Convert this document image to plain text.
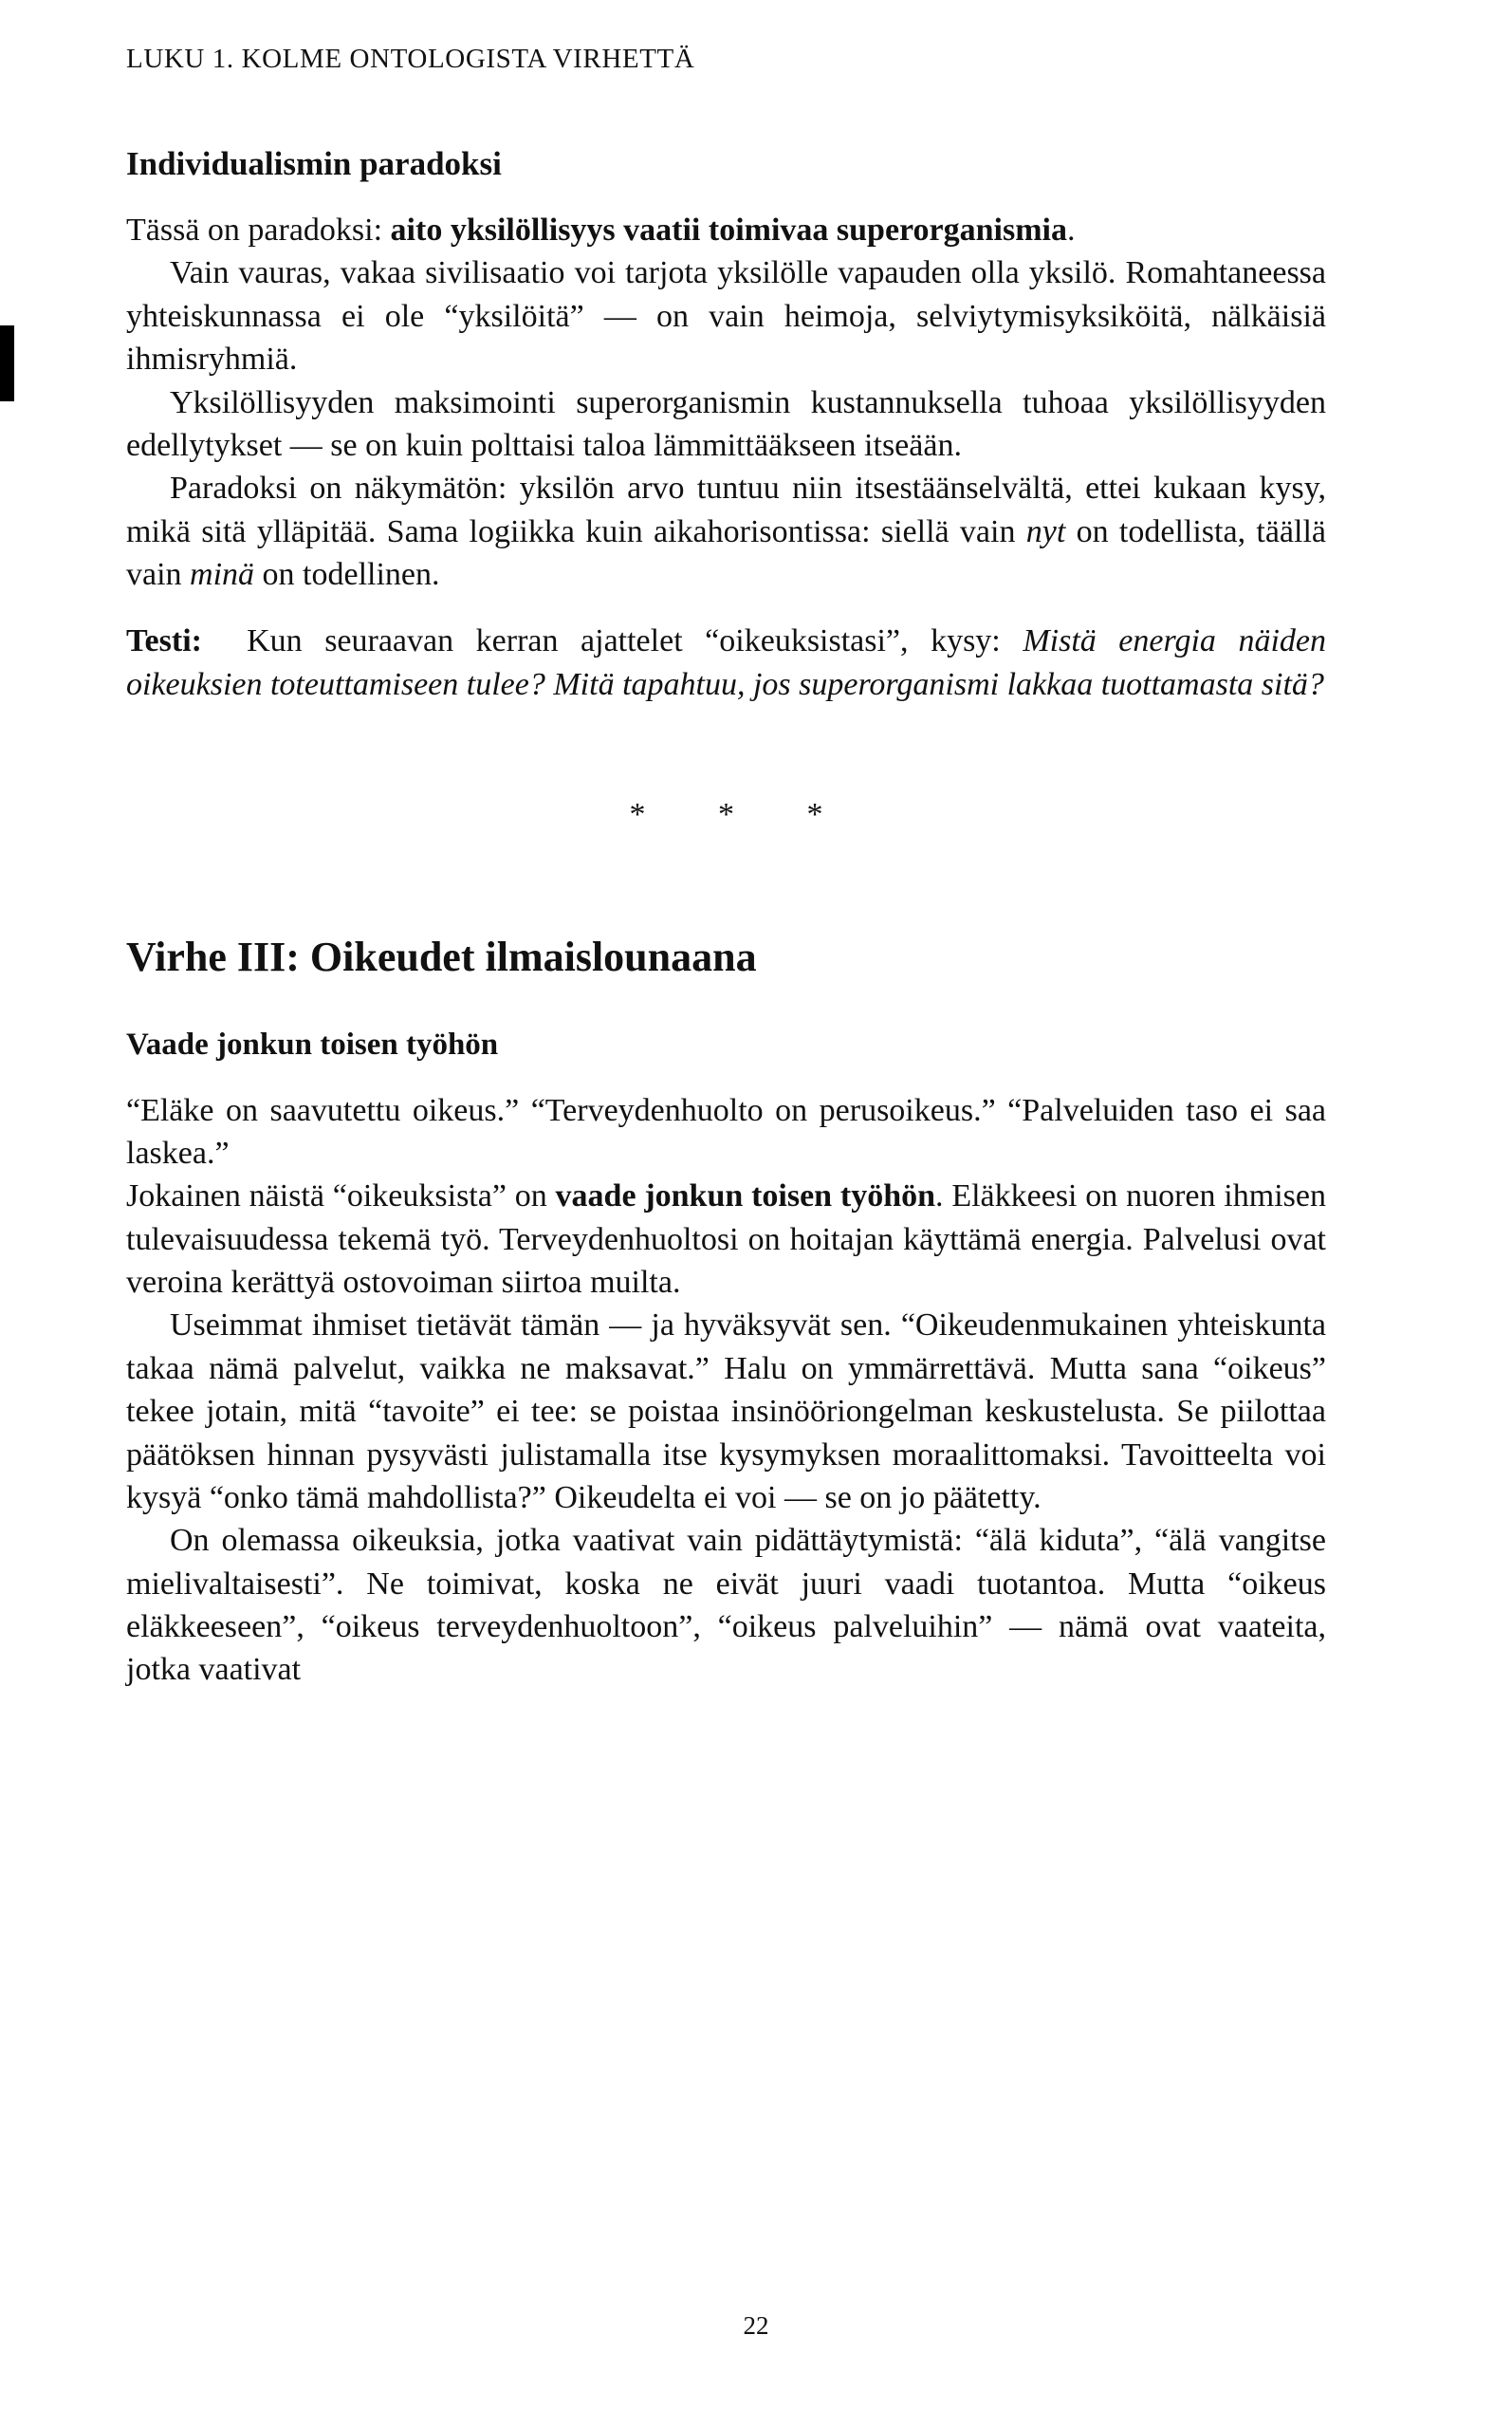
LUKU 1. KOLME ONTOLOGISTA VIRHETTÄ
Individualismin paradoksi

Tässä on paradoksi: aito yksilöllisyys vaatii toimivaa superorganismia.

Vain vauras, vakaa sivilisaatio voi tarjota yksilölle vapauden olla yksilö. Romahtaneessa yhteiskunnassa ei ole “yksilöitä” — on vain heimoja, selviytymisyksiköitä, nälkäisiä ihmisryhmiä.

Yksilöllisyyden maksimointi superorganismin kustannuksella tuhoaa yksilöllisyyden edellytykset — se on kuin polttaisi taloa lämmittääkseen itseään.

Paradoksi on näkymätön: yksilön arvo tuntuu niin itsestäänselvältä, ettei kukaan kysy, mikä sitä ylläpitää. Sama logiikka kuin aikahorisontissa: siellä vain nyt on todellista, täällä vain minä on todellinen.

Testi: Kun seuraavan kerran ajattelet “oikeuksistasi”, kysy: Mistä energia näiden oikeuksien toteuttamiseen tulee? Mitä tapahtuu, jos superorganismi lakkaa tuottamasta sitä?

* * *
Virhe III: Oikeudet ilmaislounaana
Vaade jonkun toisen työhön

“Eläke on saavutettu oikeus.” “Terveydenhuolto on perusoikeus.” “Palveluiden taso ei saa laskea.”

Jokainen näistä “oikeuksista” on vaade jonkun toisen työhön. Eläkkeesi on nuoren ihmisen tulevaisuudessa tekemä työ. Terveydenhuoltosi on hoitajan käyttämä energia. Palvelusi ovat veroina kerättyä ostovoiman siirtoa muilta.

Useimmat ihmiset tietävät tämän — ja hyväksyvät sen. “Oikeudenmukainen yhteiskunta takaa nämä palvelut, vaikka ne maksavat.” Halu on ymmärrettävä. Mutta sana “oikeus” tekee jotain, mitä “tavoite” ei tee: se poistaa insinööriongelman keskustelusta. Se piilottaa päätöksen hinnan pysyvästi julistamalla itse kysymyksen moraalittomaksi. Tavoitteelta voi kysyä “onko tämä mahdollista?” Oikeudelta ei voi — se on jo päätetty.

On olemassa oikeuksia, jotka vaativat vain pidättäytymistä: “älä kiduta”, “älä vangitse mielivaltaisesti”. Ne toimivat, koska ne eivät juuri vaadi tuotantoa. Mutta “oikeus eläkkeeseen”, “oikeus terveydenhuoltoon”, “oikeus palveluihin” — nämä ovat vaateita, jotka vaativat

22
